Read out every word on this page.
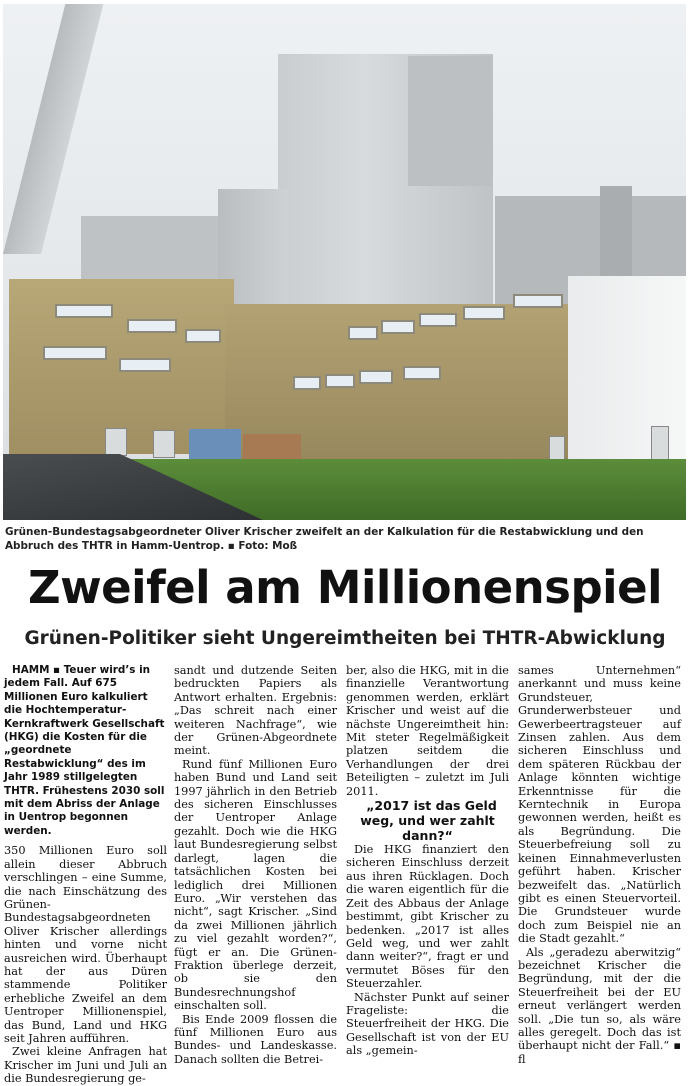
Grünen-Bundestagsabgeordneter Oliver Krischer zweifelt an der Kalkulation für die Restabwicklung und den Abbruch des THTR in Hamm-Uentrop. ▪ Foto: Moß

Zweifel am Millionenspiel
Grünen-Politiker sieht Ungereimtheiten bei THTR-Abwicklung

HAMM ▪ Teuer wird’s in jedem Fall. Auf 675 Millionen Euro kalkuliert die Hochtemperatur-Kernkraftwerk Gesellschaft (HKG) die Kosten für die „geordnete Restabwicklung“ des im Jahr 1989 stillgelegten THTR. Frühestens 2030 soll mit dem Abriss der Anlage in Uentrop begonnen werden.

350 Millionen Euro soll allein dieser Abbruch verschlingen – eine Summe, die nach Einschätzung des Grünen-Bundestagsabgeordneten Oliver Krischer allerdings hinten und vorne nicht ausreichen wird. Überhaupt hat der aus Düren stammende Politiker erhebliche Zweifel an dem Uentroper Millionenspiel, das Bund, Land und HKG seit Jahren aufführen.

Zwei kleine Anfragen hat Krischer im Juni und Juli an die Bundesregierung ge-

sandt und dutzende Seiten bedruckten Papiers als Antwort erhalten. Ergebnis: „Das schreit nach einer weiteren Nachfrage“, wie der Grünen-Abgeordnete meint.

Rund fünf Millionen Euro haben Bund und Land seit 1997 jährlich in den Betrieb des sicheren Einschlusses der Uentroper Anlage gezahlt. Doch wie die HKG laut Bundesregierung selbst darlegt, lagen die tatsächlichen Kosten bei lediglich drei Millionen Euro. „Wir verstehen das nicht“, sagt Krischer. „Sind da zwei Millionen jährlich zu viel gezahlt worden?“, fügt er an. Die Grünen-Fraktion überlege derzeit, ob sie den Bundesrechnungshof einschalten soll.

Bis Ende 2009 flossen die fünf Millionen Euro aus Bundes- und Landeskasse. Danach sollten die Betrei-

ber, also die HKG, mit in die finanzielle Verantwortung genommen werden, erklärt Krischer und weist auf die nächste Ungereimtheit hin: Mit steter Regelmäßigkeit platzen seitdem die Verhandlungen der drei Beteiligten – zuletzt im Juli 2011.

„2017 ist das Geld weg, und wer zahlt dann?“

Die HKG finanziert den sicheren Einschluss derzeit aus ihren Rücklagen. Doch die waren eigentlich für die Zeit des Abbaus der Anlage bestimmt, gibt Krischer zu bedenken. „2017 ist alles Geld weg, und wer zahlt dann weiter?“, fragt er und vermutet Böses für den Steuerzahler.

Nächster Punkt auf seiner Frageliste: die Steuerfreiheit der HKG. Die Gesellschaft ist von der EU als „gemein-

sames Unternehmen“ anerkannt und muss keine Grundsteuer, Grunderwerbsteuer und Gewerbeertragsteuer auf Zinsen zahlen. Aus dem sicheren Einschluss und dem späteren Rückbau der Anlage könnten wichtige Erkenntnisse für die Kerntechnik in Europa gewonnen werden, heißt es als Begründung. Die Steuerbefreiung soll zu keinen Einnahmeverlusten geführt haben. Krischer bezweifelt das. „Natürlich gibt es einen Steuervorteil. Die Grundsteuer wurde doch zum Beispiel nie an die Stadt gezahlt.“

Als „geradezu aberwitzig“ bezeichnet Krischer die Begründung, mit der die Steuerfreiheit bei der EU erneut verlängert werden soll. „Die tun so, als wäre alles geregelt. Doch das ist überhaupt nicht der Fall.“ ▪ fl
